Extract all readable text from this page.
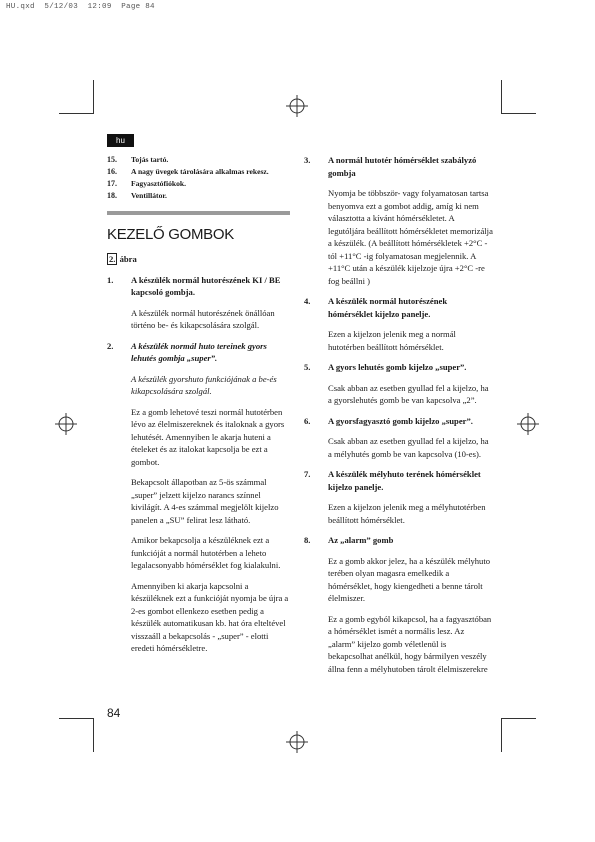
HU.qxd  5/12/03  12:09  Page 84
hu
15.	Tojás tartó.
16.	A nagy üvegek tárolására alkalmas rekesz.
17.	Fagyasztófiókok.
18.	Ventillátor.
KEZELŐ GOMBOK
2. ábra
1.	A készülék normál hutorészének KI / BE kapcsoló gombja.

A készülék normál hutorészének önállóan történo be- és kikapcsolására szolgál.

2.	A készülék normál huto tereinek gyors lehutés gombja „super”.

A készülék gyorshuto funkciójának a be-és kikapcsolására szolgál.

Ez a gomb lehetové teszi normál hutotérben lévo az élelmiszereknek és italoknak a gyors lehutését. Amennyiben le akarja huteni a ételeket és az italokat kapcsolja be ezt a gombot.

Bekapcsolt állapotban az 5-ös számmal „super” jelzett kijelzo narancs színnel kivilágít. A 4-es számmal megjelölt kijelzo panelen a „SU” felirat lesz látható.

Amikor bekapcsolja a készüléknek ezt a funkcióját a normál hutotérben a leheto legalacsonyabb hómérséklet fog kialakulni.

Amennyiben ki akarja kapcsolni a készüléknek ezt a funkcióját nyomja be újra a 2-es gombot ellenkezo esetben pedig a készülék automatikusan kb. hat óra elteltével visszaáll a bekapcsolás - „super” - elotti eredeti hómérsékletre.

3.	A normál hutotér hómérséklet szabályzó gombja

Nyomja be többször- vagy folyamatosan tartsa benyomva ezt a gombot addig, amíg ki nem választotta a kívánt hómérsékletet. A legutóljára beállított hómérsékletet memorizálja a készülék. (A beállított hómérsékletek +2°C -tól +11°C -ig folyamatosan megjelennik. A +11°C után a készülék kijelzoje újra +2°C -re fog beállni )

4.	A készülék normál hutorészének hómérséklet kijelzo panelje.

Ezen a kijelzon jelenik meg a normál hutotérben beállított hómérséklet.

5.	A gyors lehutés gomb kijelzo „super”.

Csak abban az esetben gyullad fel a kijelzo, ha a gyorslehutés gomb be van kapcsolva „2”.

6.	A gyorsfagyasztó gomb kijelzo „super”.

Csak abban az esetben gyullad fel a kijelzo, ha a mélyhutés gomb be van kapcsolva (10-es).

7.	A készülék mélyhuto terének hómérséklet kijelzo panelje.

Ezen a kijelzon jelenik meg a mélyhutotérben beállított hómérséklet.

8.	Az „alarm” gomb

Ez a gomb akkor jelez, ha a készülék mélyhuto terében olyan magasra emelkedik a hómérséklet, hogy kiengedheti a benne tárolt élelmiszer.

Ez a gomb egyból kikapcsol, ha a fagyasztóban a hómérséklet ismét a normális lesz. Az „alarm” kijelzo gomb véletlenül is bekapcsolhat anélkül, hogy bármilyen veszély állna fenn a mélyhutoben tárolt élelmiszerekre

84
